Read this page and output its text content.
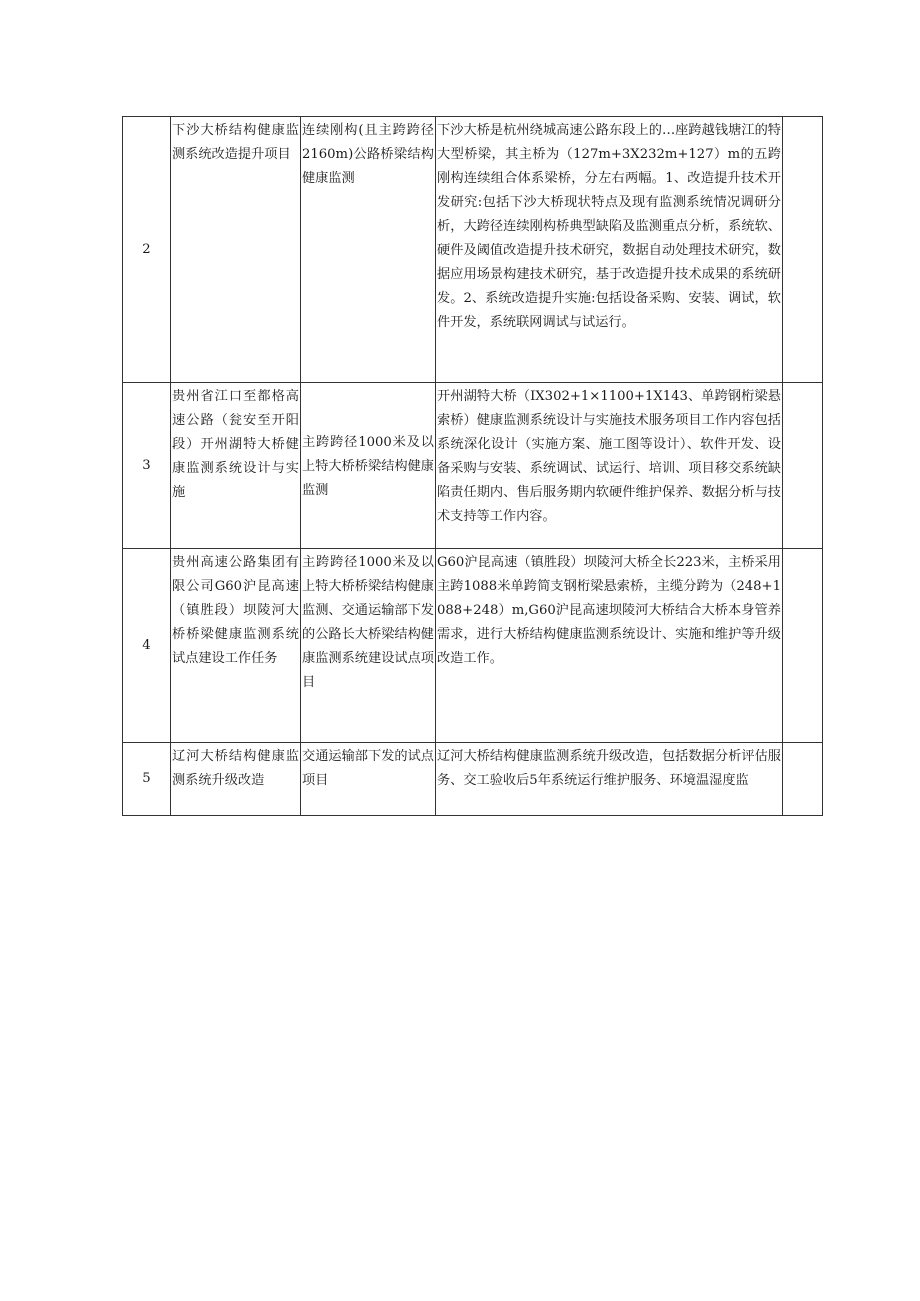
2	下沙大桥结构健康监测系统改造提升项目	连续刚构(且主跨跨径2160m)公路桥梁结构健康监测	下沙大桥是杭州绕城高速公路东段上的…座跨越钱塘江的特大型桥梁，其主桥为（127m+3X232m+127）m的五跨刚构连续组合体系梁桥，分左右两幅。1、改造提升技术开发研究:包括下沙大桥现状特点及现有监测系统情况调研分析，大跨径连续刚构桥典型缺陷及监测重点分析，系统软、硬件及阈值改造提升技术研究，数据自动处理技术研究，数据应用场景构建技术研究，基于改造提升技术成果的系统研发。2、系统改造提升实施:包括设备采购、安装、调试，软件开发，系统联网调试与试运行。	
3	贵州省江口至都格高速公路（瓮安至开阳段）开州湖特大桥健康监测系统设计与实施	主跨跨径1000米及以上特大桥桥梁结构健康监测	开州湖特大桥（IX302+1×1100+1X143、单跨钢桁梁悬索桥）健康监测系统设计与实施技术服务项目工作内容包括系统深化设计（实施方案、施工图等设计）、软件开发、设备采购与安装、系统调试、试运行、培训、项目移交系统缺陷责任期内、售后服务期内软硬件维护保养、数据分析与技术支持等工作内容。	
4	贵州高速公路集团有限公司G60沪昆高速（镇胜段）坝陵河大桥桥梁健康监测系统试点建设工作任务	主跨跨径1000米及以上特大桥桥梁结构健康监测、交通运输部下发的公路长大桥梁结构健康监测系统建设试点项目	G60沪昆高速（镇胜段）坝陵河大桥全长223米，主桥采用主跨1088米单跨简支钢桁梁悬索桥，主缆分跨为（248+1088+248）m,G60沪昆高速坝陵河大桥结合大桥本身管养需求，进行大桥结构健康监测系统设计、实施和维护等升级改造工作。	
5	辽河大桥结构健康监测系统升级改造	交通运输部下发的试点项目	辽河大桥结构健康监测系统升级改造，包括数据分析评估服务、交工验收后5年系统运行维护服务、环境温湿度监	
